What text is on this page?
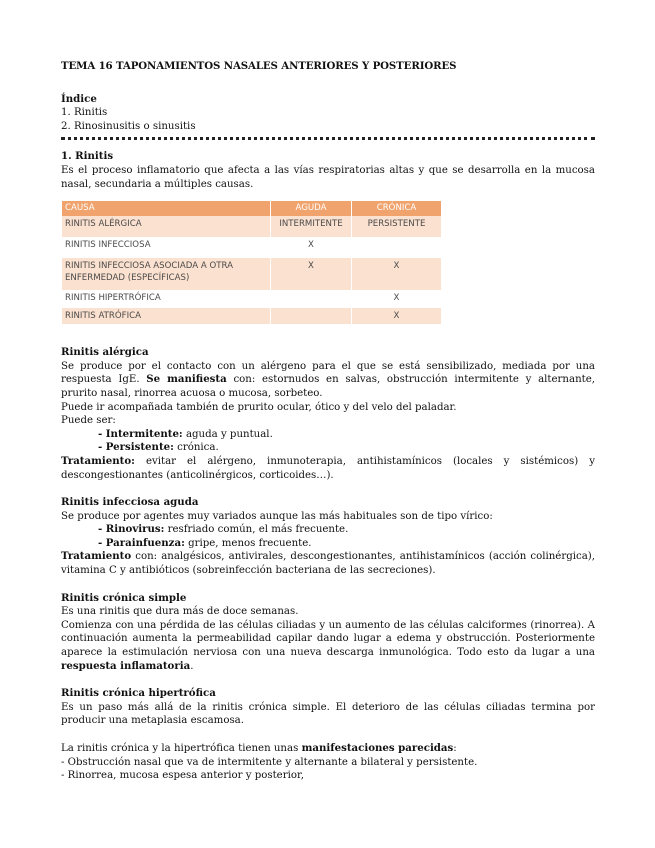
TEMA 16 TAPONAMIENTOS NASALES ANTERIORES Y POSTERIORES

Índice

1. Rinitis

2. Rinosinusitis o sinusitis

1. Rinitis

Es el proceso inflamatorio que afecta a las vías respiratorias altas y que se desarrolla en la mucosa nasal, secundaria a múltiples causas.

CAUSA	AGUDA	CRÓNICA
RINITIS ALÉRGICA	INTERMITENTE	PERSISTENTE
RINITIS INFECCIOSA	X	
RINITIS INFECCIOSA ASOCIADA A OTRA ENFERMEDAD (ESPECÍFICAS)	X	X
RINITIS HIPERTRÓFICA		X
RINITIS ATRÓFICA		X

Rinitis alérgica

Se produce por el contacto con un alérgeno para el que se está sensibilizado, mediada por una respuesta IgE. Se manifiesta con: estornudos en salvas, obstrucción intermitente y alternante, prurito nasal, rinorrea acuosa o mucosa, sorbeteo.

Puede ir acompañada también de prurito ocular, ótico y del velo del paladar.

Puede ser:

- Intermitente: aguda y puntual.

- Persistente: crónica.

Tratamiento: evitar el alérgeno, inmunoterapia, antihistamínicos (locales y sistémicos) y descongestionantes (anticolinérgicos, corticoides…).

Rinitis infecciosa aguda

Se produce por agentes muy variados aunque las más habituales son de tipo vírico:

- Rinovirus: resfriado común, el más frecuente.

- Parainfuenza: gripe, menos frecuente.

Tratamiento con: analgésicos, antivirales, descongestionantes, antihistamínicos (acción colinérgica), vitamina C y antibióticos (sobreinfección bacteriana de las secreciones).

Rinitis crónica simple

Es una rinitis que dura más de doce semanas.

Comienza con una pérdida de las células ciliadas y un aumento de las células calciformes (rinorrea). A continuación aumenta la permeabilidad capilar dando lugar a edema y obstrucción. Posteriormente aparece la estimulación nerviosa con una nueva descarga inmunológica. Todo esto da lugar a una respuesta inflamatoria.

Rinitis crónica hipertrófica

Es un paso más allá de la rinitis crónica simple. El deterioro de las células ciliadas termina por producir una metaplasia escamosa.

La rinitis crónica y la hipertrófica tienen unas manifestaciones parecidas:

- Obstrucción nasal que va de intermitente y alternante a bilateral y persistente.

- Rinorrea, mucosa espesa anterior y posterior,
